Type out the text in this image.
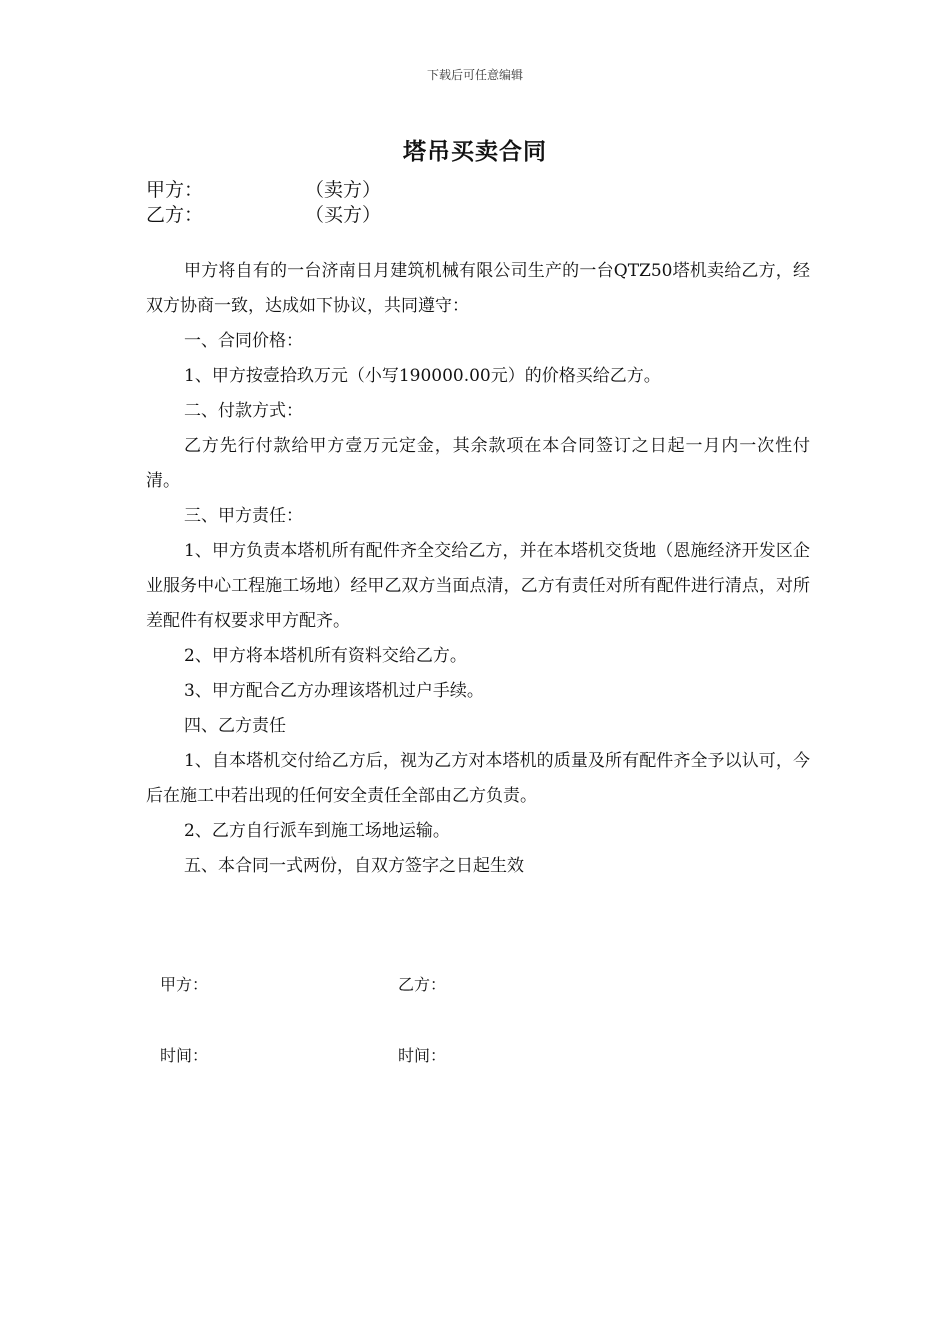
下载后可任意编辑
塔吊买卖合同
甲方：	（卖方）
乙方：	（买方）

甲方将自有的一台济南日月建筑机械有限公司生产的一台QTZ50塔机卖给乙方，经双方协商一致，达成如下协议，共同遵守：

一、合同价格：

1、甲方按壹拾玖万元（小写190000.00元）的价格买给乙方。

二、付款方式：

乙方先行付款给甲方壹万元定金，其余款项在本合同签订之日起一月内一次性付清。

三、甲方责任：

1、甲方负责本塔机所有配件齐全交给乙方，并在本塔机交货地（恩施经济开发区企业服务中心工程施工场地）经甲乙双方当面点清，乙方有责任对所有配件进行清点，对所差配件有权要求甲方配齐。

2、甲方将本塔机所有资料交给乙方。

3、甲方配合乙方办理该塔机过户手续。

四、乙方责任

1、自本塔机交付给乙方后，视为乙方对本塔机的质量及所有配件齐全予以认可，今后在施工中若出现的任何安全责任全部由乙方负责。

2、乙方自行派车到施工场地运输。

五、本合同一式两份，自双方签字之日起生效

甲方：	乙方：
时间：	时间：
